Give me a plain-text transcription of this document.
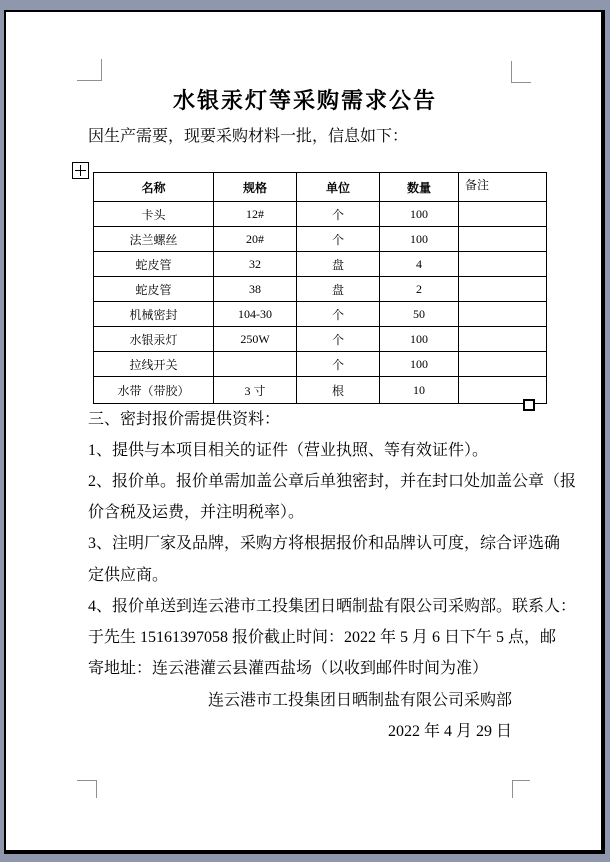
水银汞灯等采购需求公告
因生产需要，现要采购材料一批，信息如下：
名称	规格	单位	数量	备注
卡头	12#	个	100	
法兰螺丝	20#	个	100	
蛇皮管	32	盘	4	
蛇皮管	38	盘	2	
机械密封	104-30	个	50	
水银汞灯	250W	个	100	
拉线开关		个	100	
水带（带胶）	3 寸	根	10	
三、密封报价需提供资料：
1、提供与本项目相关的证件（营业执照、等有效证件）。
2、报价单。报价单需加盖公章后单独密封，并在封口处加盖公章（报
价含税及运费，并注明税率）。
3、注明厂家及品牌，采购方将根据报价和品牌认可度，综合评选确
定供应商。
4、报价单送到连云港市工投集团日晒制盐有限公司采购部。联系人：
于先生 15161397058 报价截止时间：2022 年 5 月 6 日下午 5 点，邮
寄地址：连云港灌云县灌西盐场（以收到邮件时间为准）
连云港市工投集团日晒制盐有限公司采购部
2022 年 4 月 29 日
